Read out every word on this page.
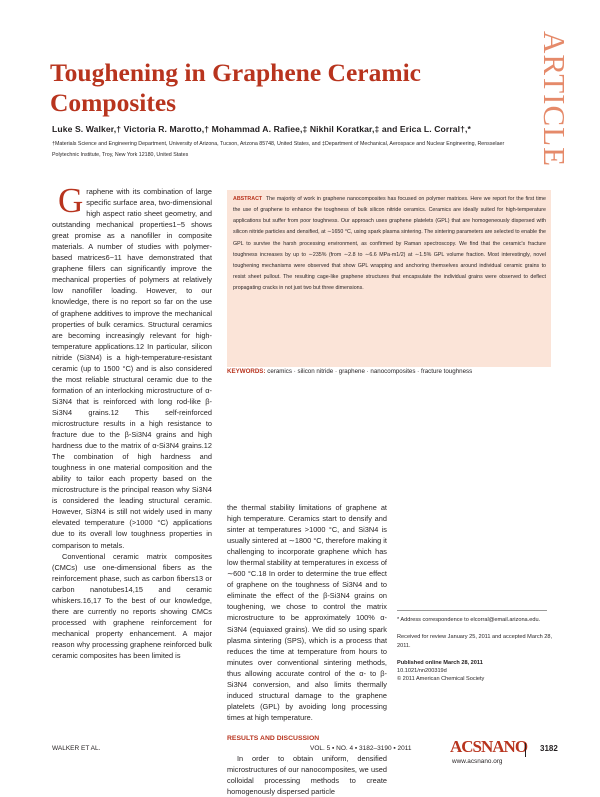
Toughening in Graphene Ceramic Composites	ARTICLE
Luke S. Walker,† Victoria R. Marotto,† Mohammad A. Rafiee,‡ Nikhil Koratkar,‡ and Erica L. Corral†,*
†Materials Science and Engineering Department, University of Arizona, Tucson, Arizona 85748, United States, and ‡Department of Mechanical, Aerospace and Nuclear Engineering, Rensselaer Polytechnic Institute, Troy, New York 12180, United States
G raphene with its combination of large specific surface area, two-dimensional high aspect ratio sheet geometry, and outstanding mechanical properties1−5 shows great promise as a nanofiller in composite materials. A number of studies with polymer-based matrices6−11 have demonstrated that graphene fillers can significantly improve the mechanical properties of polymers at relatively low nanofiller loading. However, to our knowledge, there is no report so far on the use of graphene additives to improve the mechanical properties of bulk ceramics. Structural ceramics are becoming increasingly relevant for high-temperature applications.12 In particular, silicon nitride (Si3N4) is a high-temperature-resistant ceramic (up to 1500 °C) and is also considered the most reliable structural ceramic due to the formation of an interlocking microstructure of α-Si3N4 that is reinforced with long rod-like β-Si3N4 grains.12 This self-reinforced microstructure results in a high resistance to fracture due to the β-Si3N4 grains and high hardness due to the matrix of α-Si3N4 grains.12 The combination of high hardness and toughness in one material composition and the ability to tailor each property based on the microstructure is the principal reason why Si3N4 is considered the leading structural ceramic. However, Si3N4 is still not widely used in many elevated temperature (>1000 °C) applications due to its overall low toughness properties in comparison to metals.

Conventional ceramic matrix composites (CMCs) use one-dimensional fibers as the reinforcement phase, such as carbon fibers13 or carbon nanotubes14,15 and ceramic whiskers.16,17 To the best of our knowledge, there are currently no reports showing CMCs processed with graphene reinforcement for mechanical property enhancement. A major reason why processing graphene reinforced bulk ceramic composites has been limited is

ABSTRACT The majority of work in graphene nanocomposites has focused on polymer matrices. Here we report for the first time the use of graphene to enhance the toughness of bulk silicon nitride ceramics. Ceramics are ideally suited for high-temperature applications but suffer from poor toughness. Our approach uses graphene platelets (GPL) that are homogeneously dispersed with silicon nitride particles and densified, at ∼1650 °C, using spark plasma sintering. The sintering parameters are selected to enable the GPL to survive the harsh processing environment, as confirmed by Raman spectroscopy. We find that the ceramic's fracture toughness increases by up to ∼235% (from ∼2.8 to ∼6.6 MPa·m1/2) at ∼1.5% GPL volume fraction. Most interestingly, novel toughening mechanisms were observed that show GPL wrapping and anchoring themselves around individual ceramic grains to resist sheet pullout. The resulting cage-like graphene structures that encapsulate the individual grains were observed to deflect propagating cracks in not just two but three dimensions.
KEYWORDS: ceramics · silicon nitride · graphene · nanocomposites · fracture toughness

the thermal stability limitations of graphene at high temperature. Ceramics start to densify and sinter at temperatures >1000 °C, and Si3N4 is usually sintered at ∼1800 °C, therefore making it challenging to incorporate graphene which has low thermal stability at temperatures in excess of ∼600 °C.18 In order to determine the true effect of graphene on the toughness of Si3N4 and to eliminate the effect of the β-Si3N4 grains on toughening, we chose to control the matrix microstructure to be approximately 100% α-Si3N4 (equiaxed grains). We did so using spark plasma sintering (SPS), which is a process that reduces the time at temperature from hours to minutes over conventional sintering methods, thus allowing accurate control of the α- to β-Si3N4 conversion, and also limits thermally induced structural damage to the graphene platelets (GPL) by avoiding long processing times at high temperature.

RESULTS AND DISCUSSION

In order to obtain uniform, densified microstructures of our nanocomposites, we used colloidal processing methods to create homogenously dispersed particle

* Address correspondence to elcorral@email.arizona.edu.

Received for review January 25, 2011 and accepted March 28, 2011.

Published online March 28, 2011

10.1021/nn200319d

© 2011 American Chemical Society

WALKER ET AL.	VOL. 5 ▪ NO. 4 ▪ 3182–3190 ▪ 2011 ACSNANO 3182
www.acsnano.org
